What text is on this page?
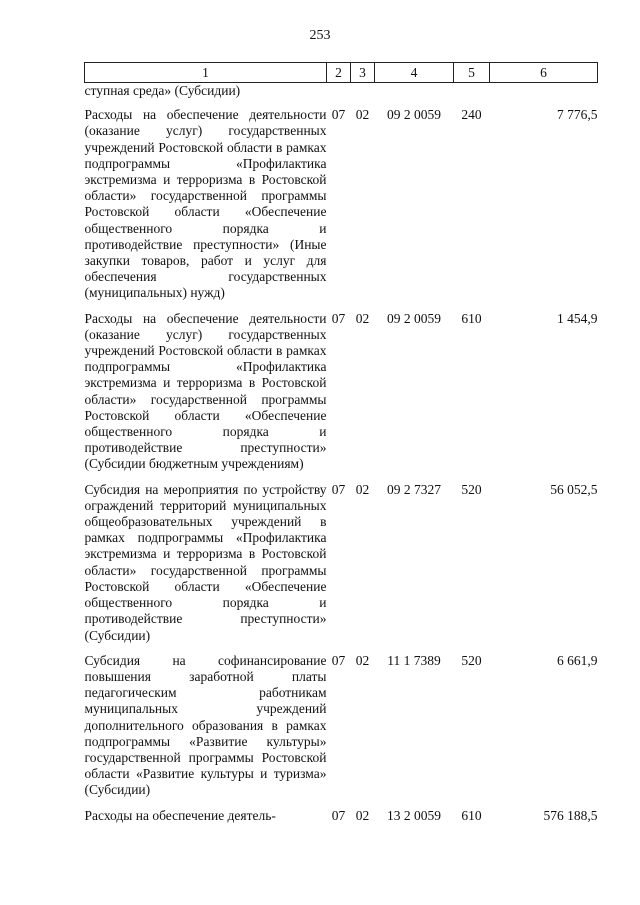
253
1	2	3	4	5	6
ступная среда» (Субсидии)					
Расходы на обеспечение деятельности (оказание услуг) государственных учреждений Ростовской области в рамках подпрограммы «Профилактика экстремизма и терроризма в Ростовской области» государственной программы Ростовской области «Обеспечение общественного порядка и противодействие преступности» (Иные закупки товаров, работ и услуг для обеспечения государственных (муниципальных) нужд)	07	02	09 2 0059	240	7 776,5
Расходы на обеспечение деятельности (оказание услуг) государственных учреждений Ростовской области в рамках подпрограммы «Профилактика экстремизма и терроризма в Ростовской области» государственной программы Ростовской области «Обеспечение общественного порядка и противодействие преступности» (Субсидии бюджетным учреждениям)	07	02	09 2 0059	610	1 454,9
Субсидия на мероприятия по устройству ограждений территорий муниципальных общеобразовательных учреждений в рамках подпрограммы «Профилактика экстремизма и терроризма в Ростовской области» государственной программы Ростовской области «Обеспечение общественного порядка и противодействие преступности» (Субсидии)	07	02	09 2 7327	520	56 052,5
Субсидия на софинансирование повышения заработной платы педагогическим работникам муниципальных учреждений дополнительного образования в рамках подпрограммы «Развитие культуры» государственной программы Ростовской области «Развитие культуры и туризма» (Субсидии)	07	02	11 1 7389	520	6 661,9
Расходы на обеспечение деятель-	07	02	13 2 0059	610	576 188,5
